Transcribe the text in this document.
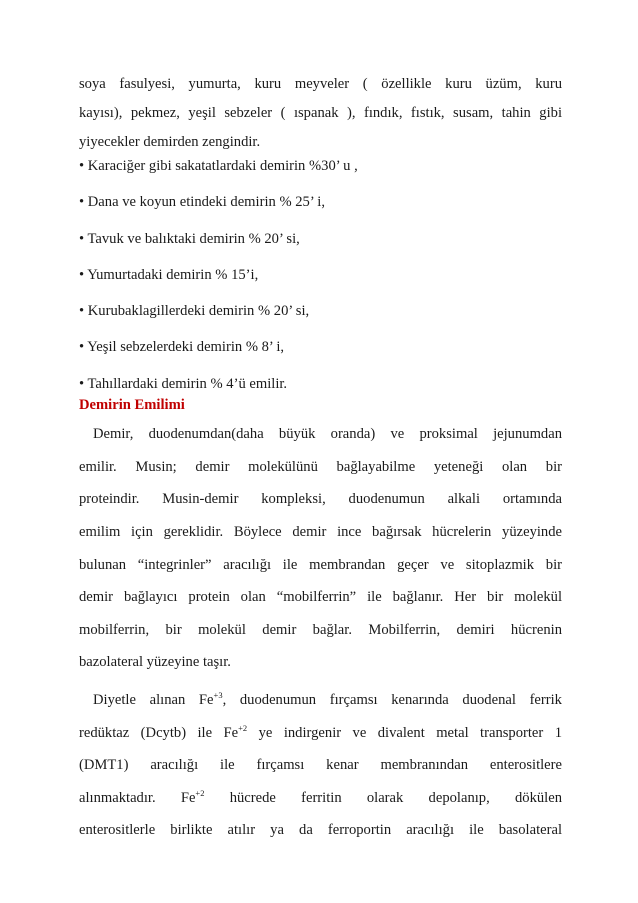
soya fasulyesi, yumurta, kuru meyveler ( özellikle kuru üzüm, kuru

kayısı), pekmez, yeşil sebzeler ( ıspanak ), fındık, fıstık, susam, tahin gibi

yiyecekler demirden zengindir.

• Karaciğer gibi sakatatlardaki demirin %30’ u ,

• Dana ve koyun etindeki demirin % 25’ i,

• Tavuk ve balıktaki demirin % 20’ si,

• Yumurtadaki demirin % 15’i,

• Kurubaklagillerdeki demirin % 20’ si,

• Yeşil sebzelerdeki demirin % 8’ i,

• Tahıllardaki demirin % 4’ü emilir.

Demirin Emilimi

Demir, duodenumdan(daha büyük oranda) ve proksimal jejunumdan

emilir. Musin; demir molekülünü bağlayabilme yeteneği olan bir

proteindir. Musin-demir kompleksi, duodenumun alkali ortamında

emilim için gereklidir. Böylece demir ince bağırsak hücrelerin yüzeyinde

bulunan “integrinler” aracılığı ile membrandan geçer ve sitoplazmik bir

demir bağlayıcı protein olan “mobilferrin” ile bağlanır. Her bir molekül

mobilferrin, bir molekül demir bağlar. Mobilferrin, demiri hücrenin

bazolateral yüzeyine taşır.

Diyetle alınan $Fe^{+3}$, duodenumun fırçamsı kenarında duodenal ferrik

redüktaz (Dcytb) ile $Fe^{+2}$ ye indirgenir ve divalent metal transporter 1

(DMT1) aracılığı ile fırçamsı kenar membranından enterositlere

alınmaktadır. $Fe^{+2}$ hücrede ferritin olarak depolanıp, dökülen

enterositlerle birlikte atılır ya da ferroportin aracılığı ile basolateral
